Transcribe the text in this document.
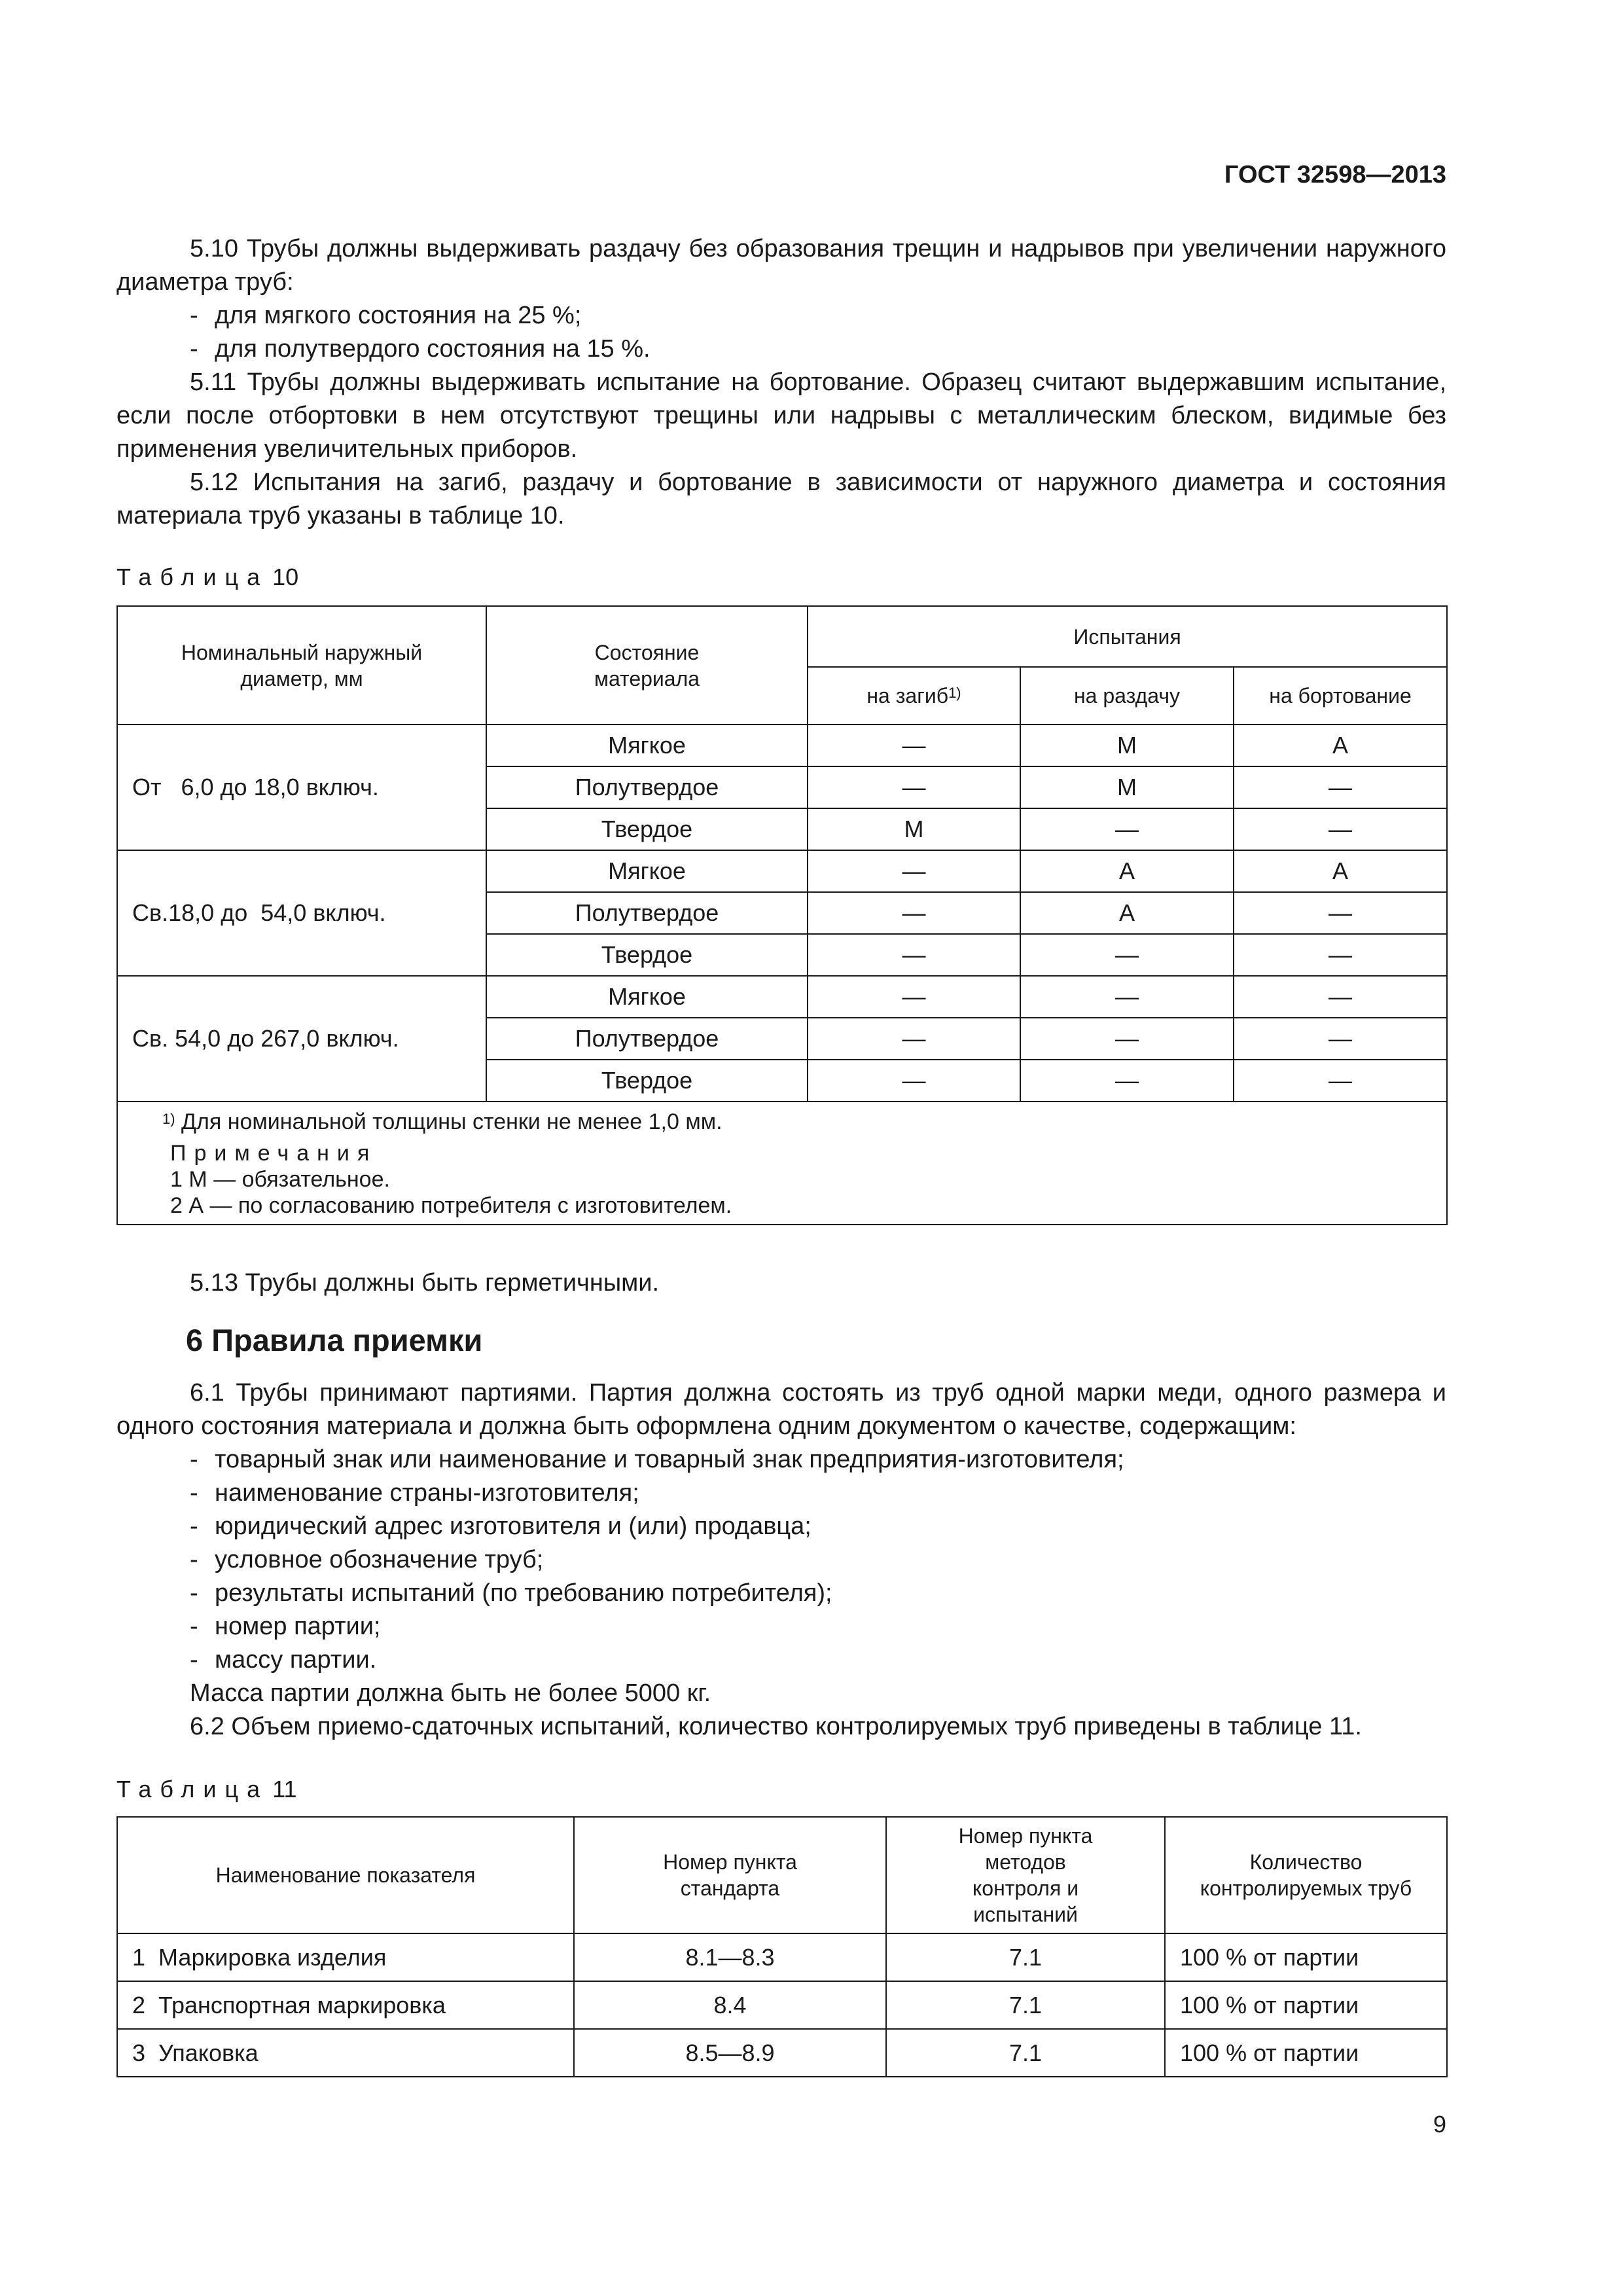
ГОСТ 32598—2013

5.10 Трубы должны выдерживать раздачу без образования трещин и надрывов при увеличении наружного диаметра труб:

- для мягкого состояния на 25 %;

- для полутвердого состояния на 15 %.

5.11 Трубы должны выдерживать испытание на бортование. Образец считают выдержавшим испытание, если после отбортовки в нем отсутствуют трещины или надрывы с металлическим блеском, видимые без применения увеличительных приборов.

5.12 Испытания на загиб, раздачу и бортование в зависимости от наружного диаметра и состояния материала труб указаны в таблице 10.

Таблица 10
Номинальный наружный диаметр, мм	Состояние материала	Испытания		
		на загиб$^{1)}$	на раздачу	на бортование
От   6,0 до 18,0 включ.	Мягкое	—	М	А
	Полутвердое	—	М	—
	Твердое	М	—	—
Св.18,0 до  54,0 включ.	Мягкое	—	А	А
	Полутвердое	—	А	—
	Твердое	—	—	—
Св. 54,0 до 267,0 включ.	Мягкое	—	—	—
	Полутвердое	—	—	—
	Твердое	—	—	—

$^{1)}$ Для номинальной толщины стенки не менее 1,0 мм.
Примечания
1 М — обязательное.
2 А — по согласованию потребителя с изготовителем.				

5.13 Трубы должны быть герметичными.

6 Правила приемки

6.1 Трубы принимают партиями. Партия должна состоять из труб одной марки меди, одного размера и одного состояния материала и должна быть оформлена одним документом о качестве, содержащим:

- товарный знак или наименование и товарный знак предприятия-изготовителя;

- наименование страны-изготовителя;

- юридический адрес изготовителя и (или) продавца;

- условное обозначение труб;

- результаты испытаний (по требованию потребителя);

- номер партии;

- массу партии.

Масса партии должна быть не более 5000 кг.

6.2 Объем приемо-сдаточных испытаний, количество контролируемых труб приведены в таблице 11.

Таблица 11
Наименование показателя	Номер пункта стандарта	Номер пункта методов контроля и испытаний	Количество контролируемых труб
1  Маркировка изделия	8.1—8.3	7.1	100 % от партии
2  Транспортная маркировка	8.4	7.1	100 % от партии
3  Упаковка	8.5—8.9	7.1	100 % от партии
9
